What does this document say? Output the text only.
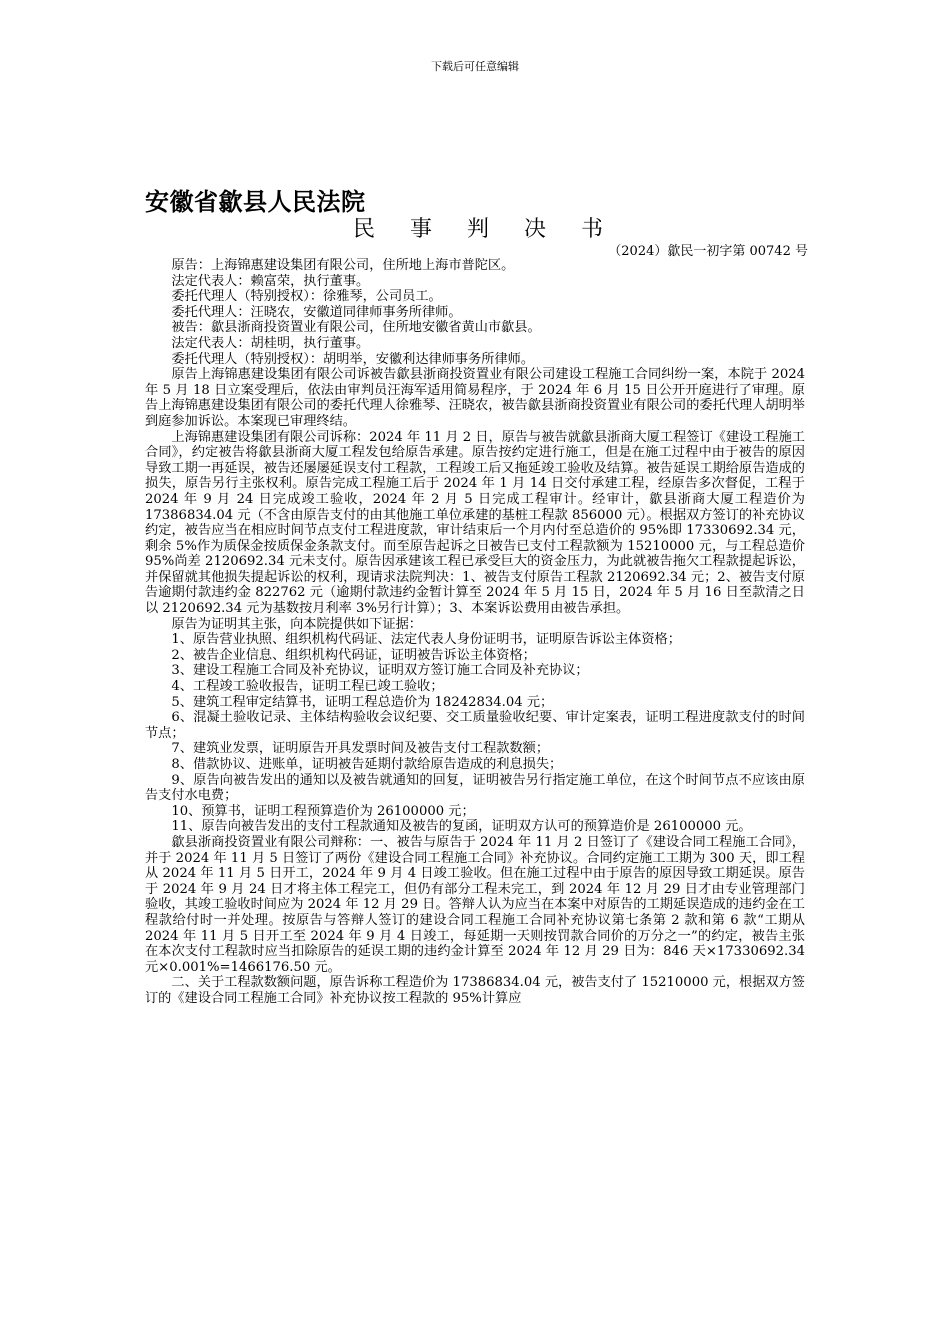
下载后可任意编辑
安徽省歙县人民法院
民 事 判 决 书
（2024）歙民一初字第 00742 号

原告：上海锦惠建设集团有限公司，住所地上海市普陀区。

法定代表人：赖富荣，执行董事。

委托代理人（特别授权）：徐雅琴，公司员工。

委托代理人：汪晓农，安徽道同律师事务所律师。

被告：歙县浙商投资置业有限公司，住所地安徽省黄山市歙县。

法定代表人：胡桂明，执行董事。

委托代理人（特别授权）：胡明举，安徽利达律师事务所律师。

原告上海锦惠建设集团有限公司诉被告歙县浙商投资置业有限公司建设工程施工合同纠纷一案，本院于 2024 年 5 月 18 日立案受理后，依法由审判员汪海军适用简易程序，于 2024 年 6 月 15 日公开开庭进行了审理。原告上海锦惠建设集团有限公司的委托代理人徐雅琴、汪晓农，被告歙县浙商投资置业有限公司的委托代理人胡明举到庭参加诉讼。本案现已审理终结。

上海锦惠建设集团有限公司诉称：2024 年 11 月 2 日，原告与被告就歙县浙商大厦工程签订《建设工程施工合同》，约定被告将歙县浙商大厦工程发包给原告承建。原告按约定进行施工，但是在施工过程中由于被告的原因导致工期一再延误，被告还屡屡延误支付工程款，工程竣工后又拖延竣工验收及结算。被告延误工期给原告造成的损失，原告另行主张权利。原告完成工程施工后于 2024 年 1 月 14 日交付承建工程，经原告多次督促，工程于 2024 年 9 月 24 日完成竣工验收，2024 年 2 月 5 日完成工程审计。经审计，歙县浙商大厦工程造价为 17386834.04 元（不含由原告支付的由其他施工单位承建的基桩工程款 856000 元）。根据双方签订的补充协议约定，被告应当在相应时间节点支付工程进度款，审计结束后一个月内付至总造价的 95%即 17330692.34 元，剩余 5%作为质保金按质保金条款支付。而至原告起诉之日被告已支付工程款额为 15210000 元，与工程总造价 95%尚差 2120692.34 元未支付。原告因承建该工程已承受巨大的资金压力，为此就被告拖欠工程款提起诉讼，并保留就其他损失提起诉讼的权利，现请求法院判决：1、被告支付原告工程款 2120692.34 元；2、被告支付原告逾期付款违约金 822762 元（逾期付款违约金暂计算至 2024 年 5 月 15 日，2024 年 5 月 16 日至款清之日以 2120692.34 元为基数按月利率 3%另行计算）；3、本案诉讼费用由被告承担。

原告为证明其主张，向本院提供如下证据：

1、原告营业执照、组织机构代码证、法定代表人身份证明书，证明原告诉讼主体资格；

2、被告企业信息、组织机构代码证，证明被告诉讼主体资格；

3、建设工程施工合同及补充协议，证明双方签订施工合同及补充协议；

4、工程竣工验收报告，证明工程已竣工验收；

5、建筑工程审定结算书，证明工程总造价为 18242834.04 元；

6、混凝土验收记录、主体结构验收会议纪要、交工质量验收纪要、审计定案表，证明工程进度款支付的时间节点；

7、建筑业发票，证明原告开具发票时间及被告支付工程款数额；

8、借款协议、进账单，证明被告延期付款给原告造成的利息损失；

9、原告向被告发出的通知以及被告就通知的回复，证明被告另行指定施工单位，在这个时间节点不应该由原告支付水电费；

10、预算书，证明工程预算造价为 26100000 元；

11、原告向被告发出的支付工程款通知及被告的复函，证明双方认可的预算造价是 26100000 元。

歙县浙商投资置业有限公司辩称：一、被告与原告于 2024 年 11 月 2 日签订了《建设合同工程施工合同》，并于 2024 年 11 月 5 日签订了两份《建设合同工程施工合同》补充协议。合同约定施工工期为 300 天，即工程从 2024 年 11 月 5 日开工，2024 年 9 月 4 日竣工验收。但在施工过程中由于原告的原因导致工期延误。原告于 2024 年 9 月 24 日才将主体工程完工，但仍有部分工程未完工，到 2024 年 12 月 29 日才由专业管理部门验收，其竣工验收时间应为 2024 年 12 月 29 日。答辩人认为应当在本案中对原告的工期延误造成的违约金在工程款给付时一并处理。按原告与答辩人签订的建设合同工程施工合同补充协议第七条第 2 款和第 6 款“工期从 2024 年 11 月 5 日开工至 2024 年 9 月 4 日竣工，每延期一天则按罚款合同价的万分之一”的约定，被告主张在本次支付工程款时应当扣除原告的延误工期的违约金计算至 2024 年 12 月 29 日为：846 天×17330692.34 元×0.001%=1466176.50 元。

二、关于工程款数额问题，原告诉称工程造价为 17386834.04 元，被告支付了 15210000 元，根据双方签订的《建设合同工程施工合同》补充协议按工程款的 95%计算应
